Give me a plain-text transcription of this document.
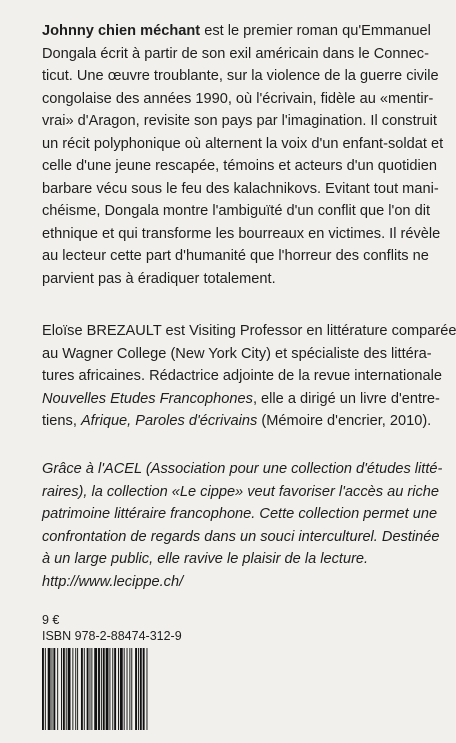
Johnny chien méchant est le premier roman qu'Emmanuel
Dongala écrit à partir de son exil américain dans le Connec-
ticut. Une œuvre troublante, sur la violence de la guerre civile
congolaise des années 1990, où l'écrivain, fidèle au «mentir-
vrai» d'Aragon, revisite son pays par l'imagination. Il construit
un récit polyphonique où alternent la voix d'un enfant-soldat et
celle d'une jeune rescapée, témoins et acteurs d'un quotidien
barbare vécu sous le feu des kalachnikovs. Evitant tout mani-
chéisme, Dongala montre l'ambiguïté d'un conflit que l'on dit
ethnique et qui transforme les bourreaux en victimes. Il révèle
au lecteur cette part d'humanité que l'horreur des conflits ne
parvient pas à éradiquer totalement.
Eloïse BREZAULT est Visiting Professor en littérature comparée
au Wagner College (New York City) et spécialiste des littéra-
tures africaines. Rédactrice adjointe de la revue internationale
Nouvelles Etudes Francophones, elle a dirigé un livre d'entre-
tiens, Afrique, Paroles d'écrivains (Mémoire d'encrier, 2010).
Grâce à l'ACEL (Association pour une collection d'études litté-
raires), la collection «Le cippe» veut favoriser l'accès au riche
patrimoine littéraire francophone. Cette collection permet une
confrontation de regards dans un souci interculturel. Destinée
à un large public, elle ravive le plaisir de la lecture.
http://www.lecippe.ch/
9 €
ISBN 978-2-88474-312-9
